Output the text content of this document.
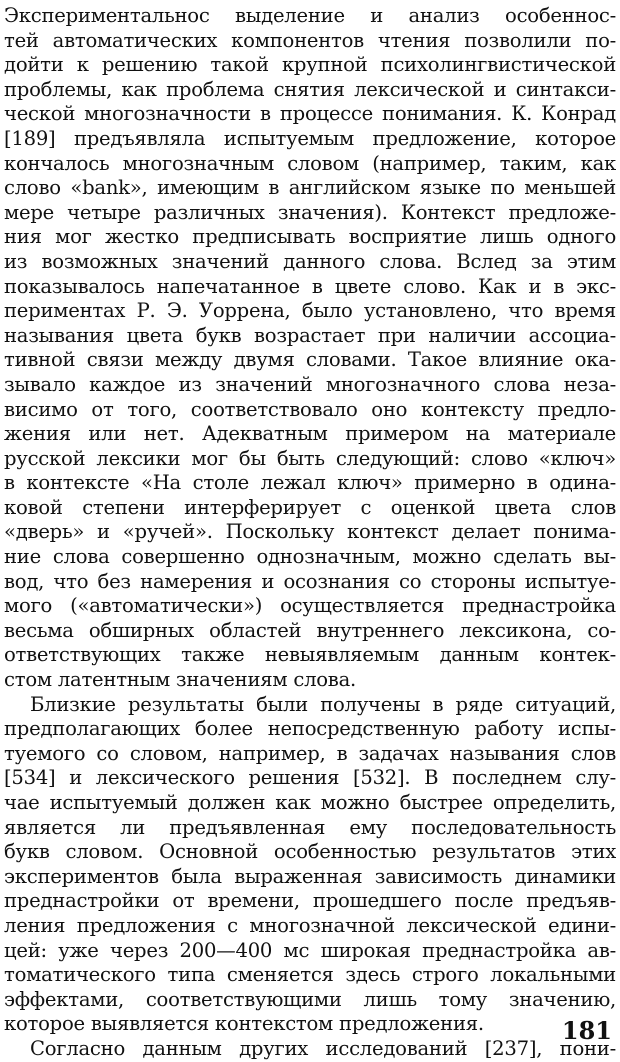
Экспериментальнос выделение и анализ особеннос-
тей автоматических компонентов чтения позволили по-
дойти к решению такой крупной психолингвистической
проблемы, как проблема снятия лексической и синтакси-
ческой многозначности в процессе понимания. К. Конрад
[189] предъявляла испытуемым предложение, которое
кончалось многозначным словом (например, таким, как
слово «bank», имеющим в английском языке по меньшей
мере четыре различных значения). Контекст предложе-
ния мог жестко предписывать восприятие лишь одного
из возможных значений данного слова. Вслед за этим
показывалось напечатанное в цвете слово. Как и в экс-
периментах Р. Э. Уоррена, было установлено, что время
называния цвета букв возрастает при наличии ассоциа-
тивной связи между двумя словами. Такое влияние ока-
зывало каждое из значений многозначного слова неза-
висимо от того, соответствовало оно контексту предло-
жения или нет. Адекватным примером на материале
русской лексики мог бы быть следующий: слово «ключ»
в контексте «На столе лежал ключ» примерно в одина-
ковой степени интерферирует с оценкой цвета слов
«дверь» и «ручей». Поскольку контекст делает понима-
ние слова совершенно однозначным, можно сделать вы-
вод, что без намерения и осознания со стороны испытуе-
мого («автоматически») осуществляется преднастройка
весьма обширных областей внутреннего лексикона, со-
ответствующих также невыявляемым данным контек-
стом латентным значениям слова.
Близкие результаты были получены в ряде ситуаций,
предполагающих более непосредственную работу испы-
туемого со словом, например, в задачах называния слов
[534] и лексического решения [532]. В последнем слу-
чае испытуемый должен как можно быстрее определить,
является ли предъявленная ему последовательность
букв словом. Основной особенностью результатов этих
экспериментов была выраженная зависимость динамики
преднастройки от времени, прошедшего после предъяв-
ления предложения с многозначной лексической едини-
цей: уже через 200—400 мс широкая преднастройка ав-
томатического типа сменяется здесь строго локальными
эффектами, соответствующими лишь тому значению,
которое выявляется контекстом предложения.
Согласно данным других исследований [237], пони-
181
